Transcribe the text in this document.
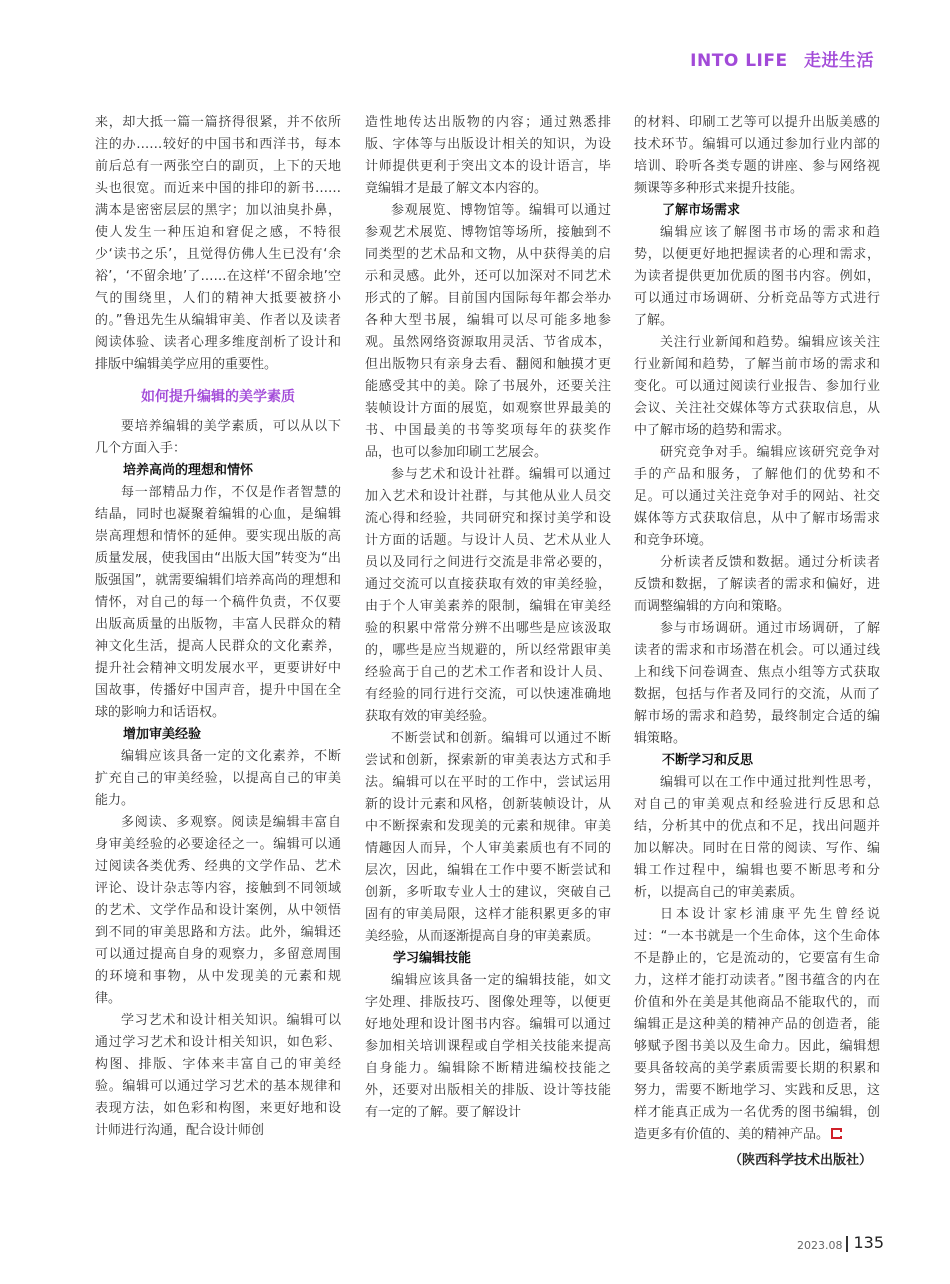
INTO LIFE 走进生活

来，却大抵一篇一篇挤得很紧，并不依所注的办……较好的中国书和西洋书，每本前后总有一两张空白的副页，上下的天地头也很宽。而近来中国的排印的新书……满本是密密层层的黑字；加以油臭扑鼻，使人发生一种压迫和窘促之感，不特很少‘读书之乐’，且觉得仿佛人生已没有‘余裕’，‘不留余地’了……在这样‘不留余地’空气的围绕里，人们的精神大抵要被挤小的。”鲁迅先生从编辑审美、作者以及读者阅读体验、读者心理多维度剖析了设计和排版中编辑美学应用的重要性。

如何提升编辑的美学素质

要培养编辑的美学素质，可以从以下几个方面入手：

培养高尚的理想和情怀

每一部精品力作，不仅是作者智慧的结晶，同时也凝聚着编辑的心血，是编辑崇高理想和情怀的延伸。要实现出版的高质量发展，使我国由“出版大国”转变为“出版强国”，就需要编辑们培养高尚的理想和情怀，对自己的每一个稿件负责，不仅要出版高质量的出版物，丰富人民群众的精神文化生活，提高人民群众的文化素养，提升社会精神文明发展水平，更要讲好中国故事，传播好中国声音，提升中国在全球的影响力和话语权。

增加审美经验

编辑应该具备一定的文化素养，不断扩充自己的审美经验，以提高自己的审美能力。

多阅读、多观察。阅读是编辑丰富自身审美经验的必要途径之一。编辑可以通过阅读各类优秀、经典的文学作品、艺术评论、设计杂志等内容，接触到不同领域的艺术、文学作品和设计案例，从中领悟到不同的审美思路和方法。此外，编辑还可以通过提高自身的观察力，多留意周围的环境和事物，从中发现美的元素和规律。

学习艺术和设计相关知识。编辑可以通过学习艺术和设计相关知识，如色彩、构图、排版、字体来丰富自己的审美经验。编辑可以通过学习艺术的基本规律和表现方法，如色彩和构图，来更好地和设计师进行沟通，配合设计师创

造性地传达出版物的内容；通过熟悉排版、字体等与出版设计相关的知识，为设计师提供更利于突出文本的设计语言，毕竟编辑才是最了解文本内容的。

参观展览、博物馆等。编辑可以通过参观艺术展览、博物馆等场所，接触到不同类型的艺术品和文物，从中获得美的启示和灵感。此外，还可以加深对不同艺术形式的了解。目前国内国际每年都会举办各种大型书展，编辑可以尽可能多地参观。虽然网络资源取用灵活、节省成本，但出版物只有亲身去看、翻阅和触摸才更能感受其中的美。除了书展外，还要关注装帧设计方面的展览，如观察世界最美的书、中国最美的书等奖项每年的获奖作品，也可以参加印刷工艺展会。

参与艺术和设计社群。编辑可以通过加入艺术和设计社群，与其他从业人员交流心得和经验，共同研究和探讨美学和设计方面的话题。与设计人员、艺术从业人员以及同行之间进行交流是非常必要的，通过交流可以直接获取有效的审美经验，由于个人审美素养的限制，编辑在审美经验的积累中常常分辨不出哪些是应该汲取的，哪些是应当规避的，所以经常跟审美经验高于自己的艺术工作者和设计人员、有经验的同行进行交流，可以快速准确地获取有效的审美经验。

不断尝试和创新。编辑可以通过不断尝试和创新，探索新的审美表达方式和手法。编辑可以在平时的工作中，尝试运用新的设计元素和风格，创新装帧设计，从中不断探索和发现美的元素和规律。审美情趣因人而异，个人审美素质也有不同的层次，因此，编辑在工作中要不断尝试和创新，多听取专业人士的建议，突破自己固有的审美局限，这样才能积累更多的审美经验，从而逐渐提高自身的审美素质。

学习编辑技能

编辑应该具备一定的编辑技能，如文字处理、排版技巧、图像处理等，以便更好地处理和设计图书内容。编辑可以通过参加相关培训课程或自学相关技能来提高自身能力。编辑除不断精进编校技能之外，还要对出版相关的排版、设计等技能有一定的了解。要了解设计

的材料、印刷工艺等可以提升出版美感的技术环节。编辑可以通过参加行业内部的培训、聆听各类专题的讲座、参与网络视频课等多种形式来提升技能。

了解市场需求

编辑应该了解图书市场的需求和趋势，以便更好地把握读者的心理和需求，为读者提供更加优质的图书内容。例如，可以通过市场调研、分析竞品等方式进行了解。

关注行业新闻和趋势。编辑应该关注行业新闻和趋势，了解当前市场的需求和变化。可以通过阅读行业报告、参加行业会议、关注社交媒体等方式获取信息，从中了解市场的趋势和需求。

研究竞争对手。编辑应该研究竞争对手的产品和服务，了解他们的优势和不足。可以通过关注竞争对手的网站、社交媒体等方式获取信息，从中了解市场需求和竞争环境。

分析读者反馈和数据。通过分析读者反馈和数据，了解读者的需求和偏好，进而调整编辑的方向和策略。

参与市场调研。通过市场调研，了解读者的需求和市场潜在机会。可以通过线上和线下问卷调查、焦点小组等方式获取数据，包括与作者及同行的交流，从而了解市场的需求和趋势，最终制定合适的编辑策略。

不断学习和反思

编辑可以在工作中通过批判性思考，对自己的审美观点和经验进行反思和总结，分析其中的优点和不足，找出问题并加以解决。同时在日常的阅读、写作、编辑工作过程中，编辑也要不断思考和分析，以提高自己的审美素质。

日本设计家杉浦康平先生曾经说过：“一本书就是一个生命体，这个生命体不是静止的，它是流动的，它要富有生命力，这样才能打动读者。”图书蕴含的内在价值和外在美是其他商品不能取代的，而编辑正是这种美的精神产品的创造者，能够赋予图书美以及生命力。因此，编辑想要具备较高的美学素质需要长期的积累和努力，需要不断地学习、实践和反思，这样才能真正成为一名优秀的图书编辑，创造更多有价值的、美的精神产品。

（陕西科学技术出版社）
2023.08 135
